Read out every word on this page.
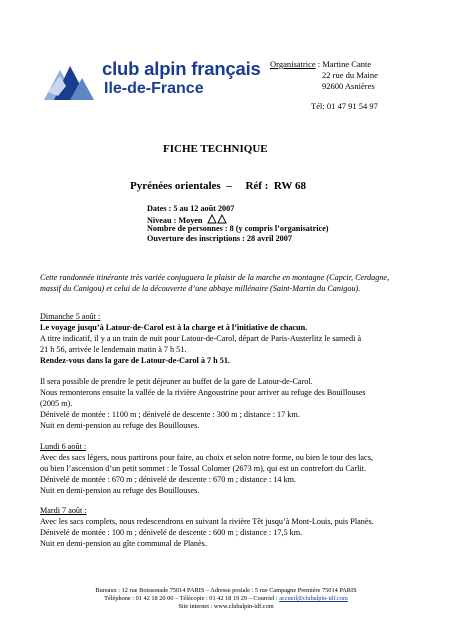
club alpin français
Ile-de-France
Organisatrice : Martine Cante
22 rue du Maine
92600 Asnières
Tél: 01 47 91 54 97
FICHE TECHNIQUE
Pyrénées orientales  –     Réf :  RW 68
Dates : 5 au 12 août 2007
Niveau : Moyen
Nombre de personnes : 8 (y compris l’organisatrice)
Ouverture des inscriptions : 28 avril 2007
Cette randonnée itinérante très variée conjuguera le plaisir de la marche en montagne (Capcir, Cerdagne, massif du Canigou) et celui de la découverte d’une abbaye millénaire (Saint-Martin du Canigou).
Dimanche 5 août :
Le voyage jusqu’à Latour-de-Carol est à la charge et à l’initiative de chacun.
A titre indicatif, il y a un train de nuit pour Latour-de-Carol, départ de Paris-Austerlitz le samedi à
21 h 56, arrivée le lendemain matin à 7 h 51.
Rendez-vous dans la gare de Latour-de-Carol à 7 h 51.
Il sera possible de prendre le petit déjeuner au buffet de la gare de Latour-de-Carol.
Nous remonterons ensuite la vallée de la rivière Angoustrine pour arriver au refuge des Bouillouses
(2005 m).
Dénivelé de montée : 1100 m ; dénivelé de descente : 300 m ; distance : 17 km.
Nuit en demi-pension au refuge des Bouillouses.
Lundi 6 août :
Avec des sacs légers, nous partirons pour faire, au choix et selon notre forme, ou bien le tour des lacs,
ou bien l’ascension d’un petit sommet : le Tossal Colomer (2673 m), qui est un contrefort du Carlit.
Dénivelé de montée : 670 m ; dénivelé de descente : 670 m ; distance : 14 km.
Nuit en demi-pension au refuge des Bouillouses.
Mardi 7 août :
Avec les sacs complets, nous redescendrons en suivant la rivière Têt jusqu’à Mont-Louis, puis Planès.
Dénivelé de montée : 100 m ; dénivelé de descente : 600 m ; distance : 17,5 km.
Nuit en demi-pension au gîte communal de Planès.
Bureaux : 12 rue Boissonade 75014 PARIS – Adresse postale : 5 rue Campagne Première 75014 PARIS
Téléphone : 01 42 18 20 00 – Télécopie : 01 42 18 19 29 – Courriel : accueil@clubalpin-idf.com
Site internet : www.clubalpin-idf.com
